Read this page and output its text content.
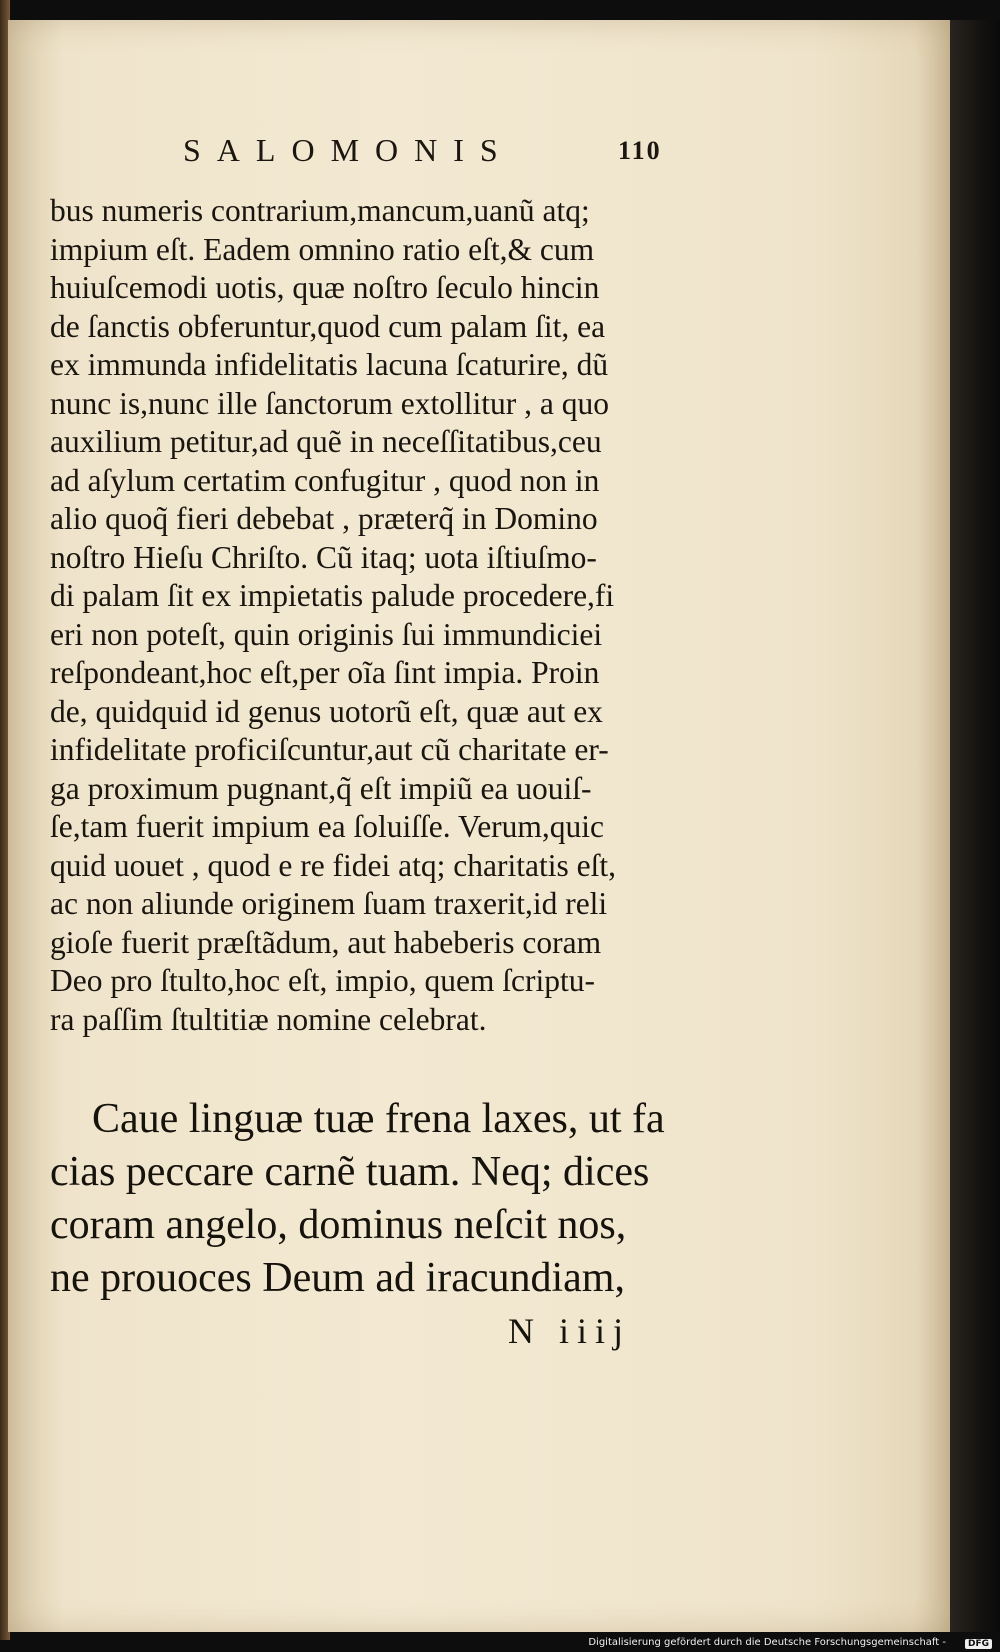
SALOMONIS	110
bus numeris contrarium,mancum,uanũ atq;
impium eſt. Eadem omnino ratio eſt,& cum
huiuſcemodi uotis, quæ noſtro ſeculo hincin
de ſanctis obferuntur,quod cum palam ſit, ea
ex immunda infidelitatis lacuna ſcaturire, dũ
nunc is,nunc ille ſanctorum extollitur , a quo
auxilium petitur,ad quẽ in neceſſitatibus,ceu
ad aſylum certatim confugitur , quod non in
alio quoq̃ fieri debebat , præterq̃ in Domino
noſtro Hieſu Chriſto. Cũ itaq; uota iſtiuſmo-
di palam ſit ex impietatis palude procedere,fi
eri non poteſt, quin originis ſui immundiciei
reſpondeant,hoc eſt,per oĩa ſint impia. Proin
de, quidquid id genus uotorũ eſt, quæ aut ex
infidelitate proficiſcuntur,aut cũ charitate er-
ga proximum pugnant,q̃ eſt impiũ ea uouiſ-
ſe,tam fuerit impium ea ſoluiſſe. Verum,quic
quid uouet , quod e re fidei atq; charitatis eſt,
ac non aliunde originem ſuam traxerit,id reli
gioſe fuerit præſtãdum, aut habeberis coram
Deo pro ſtulto,hoc eſt, impio, quem ſcriptu-
ra paſſim ſtultitiæ nomine celebrat.
Caue linguæ tuæ frena laxes, ut fa
cias peccare carnẽ tuam. Neq; dices
coram angelo, dominus neſcit nos,
ne prouoces Deum ad iracundiam,
N iiij
Digitalisierung gefördert durch die Deutsche Forschungsgemeinschaft -	DFG
